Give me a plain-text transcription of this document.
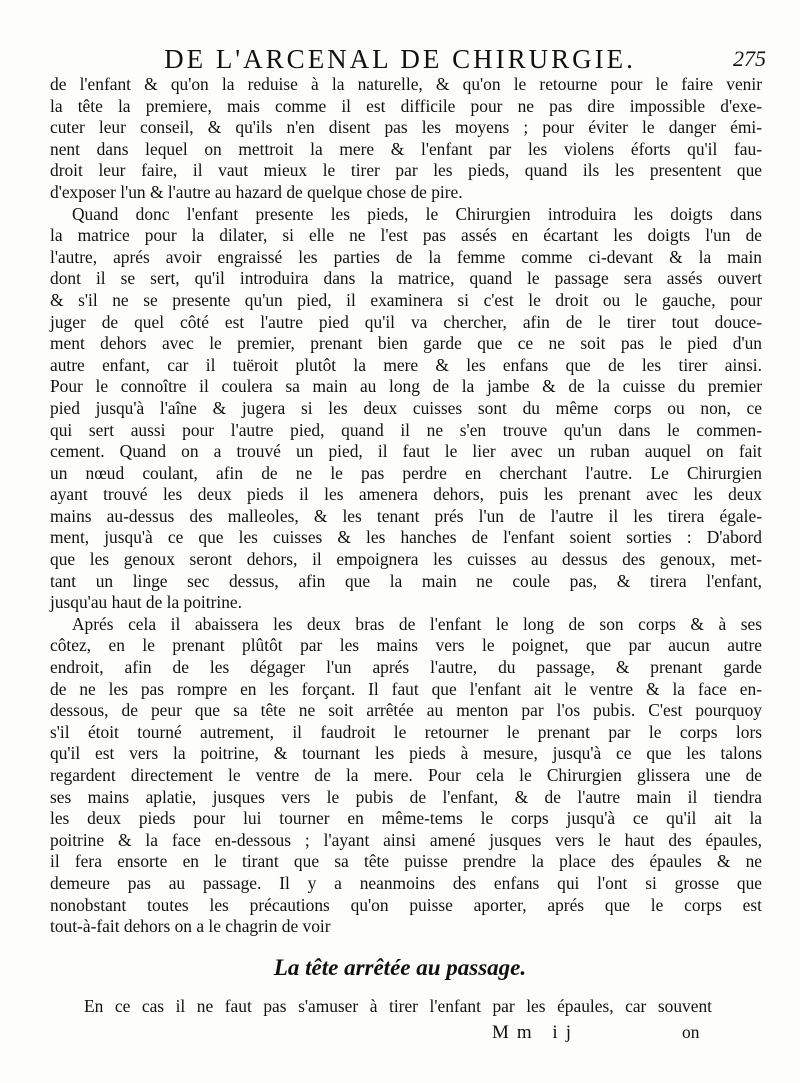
DE L'ARCENAL DE CHIRURGIE.	275
de l'enfant & qu'on la reduise à la naturelle, & qu'on le retourne pour le faire venir
la tête la premiere, mais comme il est difficile pour ne pas dire impossible d'exe-
cuter leur conseil, & qu'ils n'en disent pas les moyens ; pour éviter le danger émi-
nent dans lequel on mettroit la mere & l'enfant par les violens éforts qu'il fau-
droit leur faire, il vaut mieux le tirer par les pieds, quand ils les presentent que
d'exposer l'un & l'autre au hazard de quelque chose de pire.
Quand donc l'enfant presente les pieds, le Chirurgien introduira les doigts dans
la matrice pour la dilater, si elle ne l'est pas assés en écartant les doigts l'un de
l'autre, aprés avoir engraissé les parties de la femme comme ci-devant & la main
dont il se sert, qu'il introduira dans la matrice, quand le passage sera assés ouvert
& s'il ne se presente qu'un pied, il examinera si c'est le droit ou le gauche, pour
juger de quel côté est l'autre pied qu'il va chercher, afin de le tirer tout douce-
ment dehors avec le premier, prenant bien garde que ce ne soit pas le pied d'un
autre enfant, car il tuëroit plutôt la mere & les enfans que de les tirer ainsi.
Pour le connoître il coulera sa main au long de la jambe & de la cuisse du premier
pied jusqu'à l'aîne & jugera si les deux cuisses sont du même corps ou non, ce
qui sert aussi pour l'autre pied, quand il ne s'en trouve qu'un dans le commen-
cement. Quand on a trouvé un pied, il faut le lier avec un ruban auquel on fait
un nœud coulant, afin de ne le pas perdre en cherchant l'autre. Le Chirurgien
ayant trouvé les deux pieds il les amenera dehors, puis les prenant avec les deux
mains au-dessus des malleoles, & les tenant prés l'un de l'autre il les tirera égale-
ment, jusqu'à ce que les cuisses & les hanches de l'enfant soient sorties : D'abord
que les genoux seront dehors, il empoignera les cuisses au dessus des genoux, met-
tant un linge sec dessus, afin que la main ne coule pas, & tirera l'enfant,
jusqu'au haut de la poitrine.
Aprés cela il abaissera les deux bras de l'enfant le long de son corps & à ses
côtez, en le prenant plûtôt par les mains vers le poignet, que par aucun autre
endroit, afin de les dégager l'un aprés l'autre, du passage, & prenant garde
de ne les pas rompre en les forçant. Il faut que l'enfant ait le ventre & la face en-
dessous, de peur que sa tête ne soit arrêtée au menton par l'os pubis. C'est pourquoy
s'il étoit tourné autrement, il faudroit le retourner le prenant par le corps lors
qu'il est vers la poitrine, & tournant les pieds à mesure, jusqu'à ce que les talons
regardent directement le ventre de la mere. Pour cela le Chirurgien glissera une de
ses mains aplatie, jusques vers le pubis de l'enfant, & de l'autre main il tiendra
les deux pieds pour lui tourner en même-tems le corps jusqu'à ce qu'il ait la
poitrine & la face en-dessous ; l'ayant ainsi amené jusques vers le haut des épaules,
il fera ensorte en le tirant que sa tête puisse prendre la place des épaules & ne
demeure pas au passage. Il y a neanmoins des enfans qui l'ont si grosse que
nonobstant toutes les précautions qu'on puisse aporter, aprés que le corps est
tout-à-fait dehors on a le chagrin de voir
La tête arrêtée au passage.
En ce cas il ne faut pas s'amuser à tirer l'enfant par les épaules, car souvent
Mm ij	on
